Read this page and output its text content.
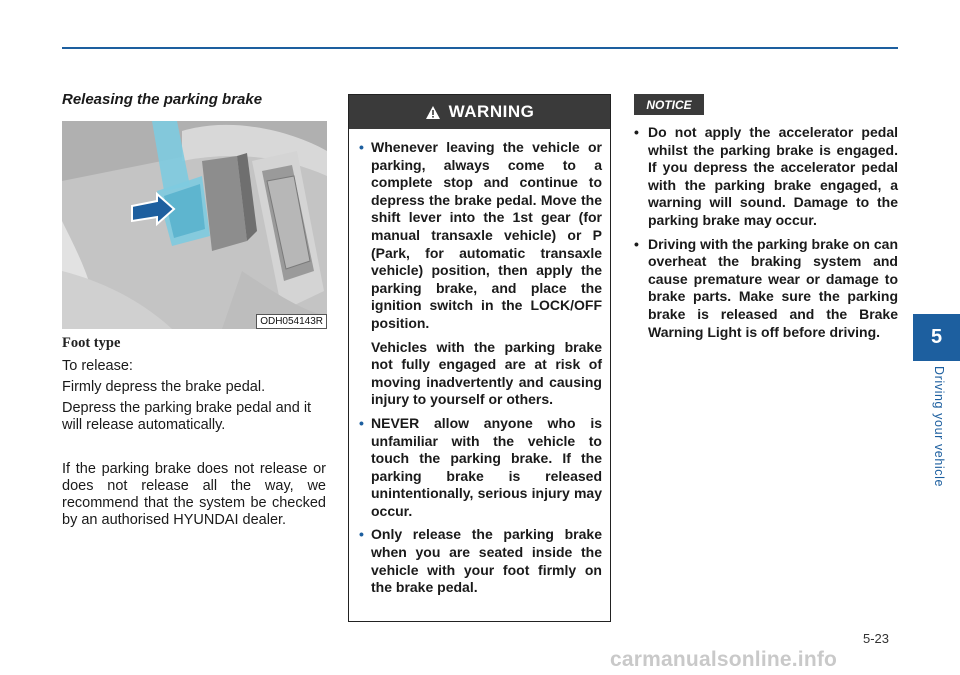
Releasing the parking brake
ODH054143R
Foot type
To release:
Firmly depress the brake pedal.
Depress the parking brake pedal and it will release automatically.
If the parking brake does not release or does not release all the way, we recommend that the system be checked by an authorised HYUNDAI dealer.
WARNING
• Whenever leaving the vehicle or parking, always come to a complete stop and continue to depress the brake pedal. Move the shift lever into the 1st gear (for manual transaxle vehicle) or P (Park, for automatic transaxle vehicle) position, then apply the parking brake, and place the ignition switch in the LOCK/OFF position.
Vehicles with the parking brake not fully engaged are at risk of moving inadvertently and causing injury to yourself or others.
• NEVER allow anyone who is unfamiliar with the vehicle to touch the parking brake. If the parking brake is released unintentionally, serious injury may occur.
• Only release the parking brake when you are seated inside the vehicle with your foot firmly on the brake pedal.
NOTICE
• Do not apply the accelerator pedal whilst the parking brake is engaged. If you depress the accelerator pedal with the parking brake engaged, a warning will sound. Damage to the parking brake may occur.
• Driving with the parking brake on can overheat the braking system and cause premature wear or damage to brake parts. Make sure the parking brake is released and the Brake Warning Light is off before driving.	5
Driving your vehicle
5-23
carmanualsonline.info
